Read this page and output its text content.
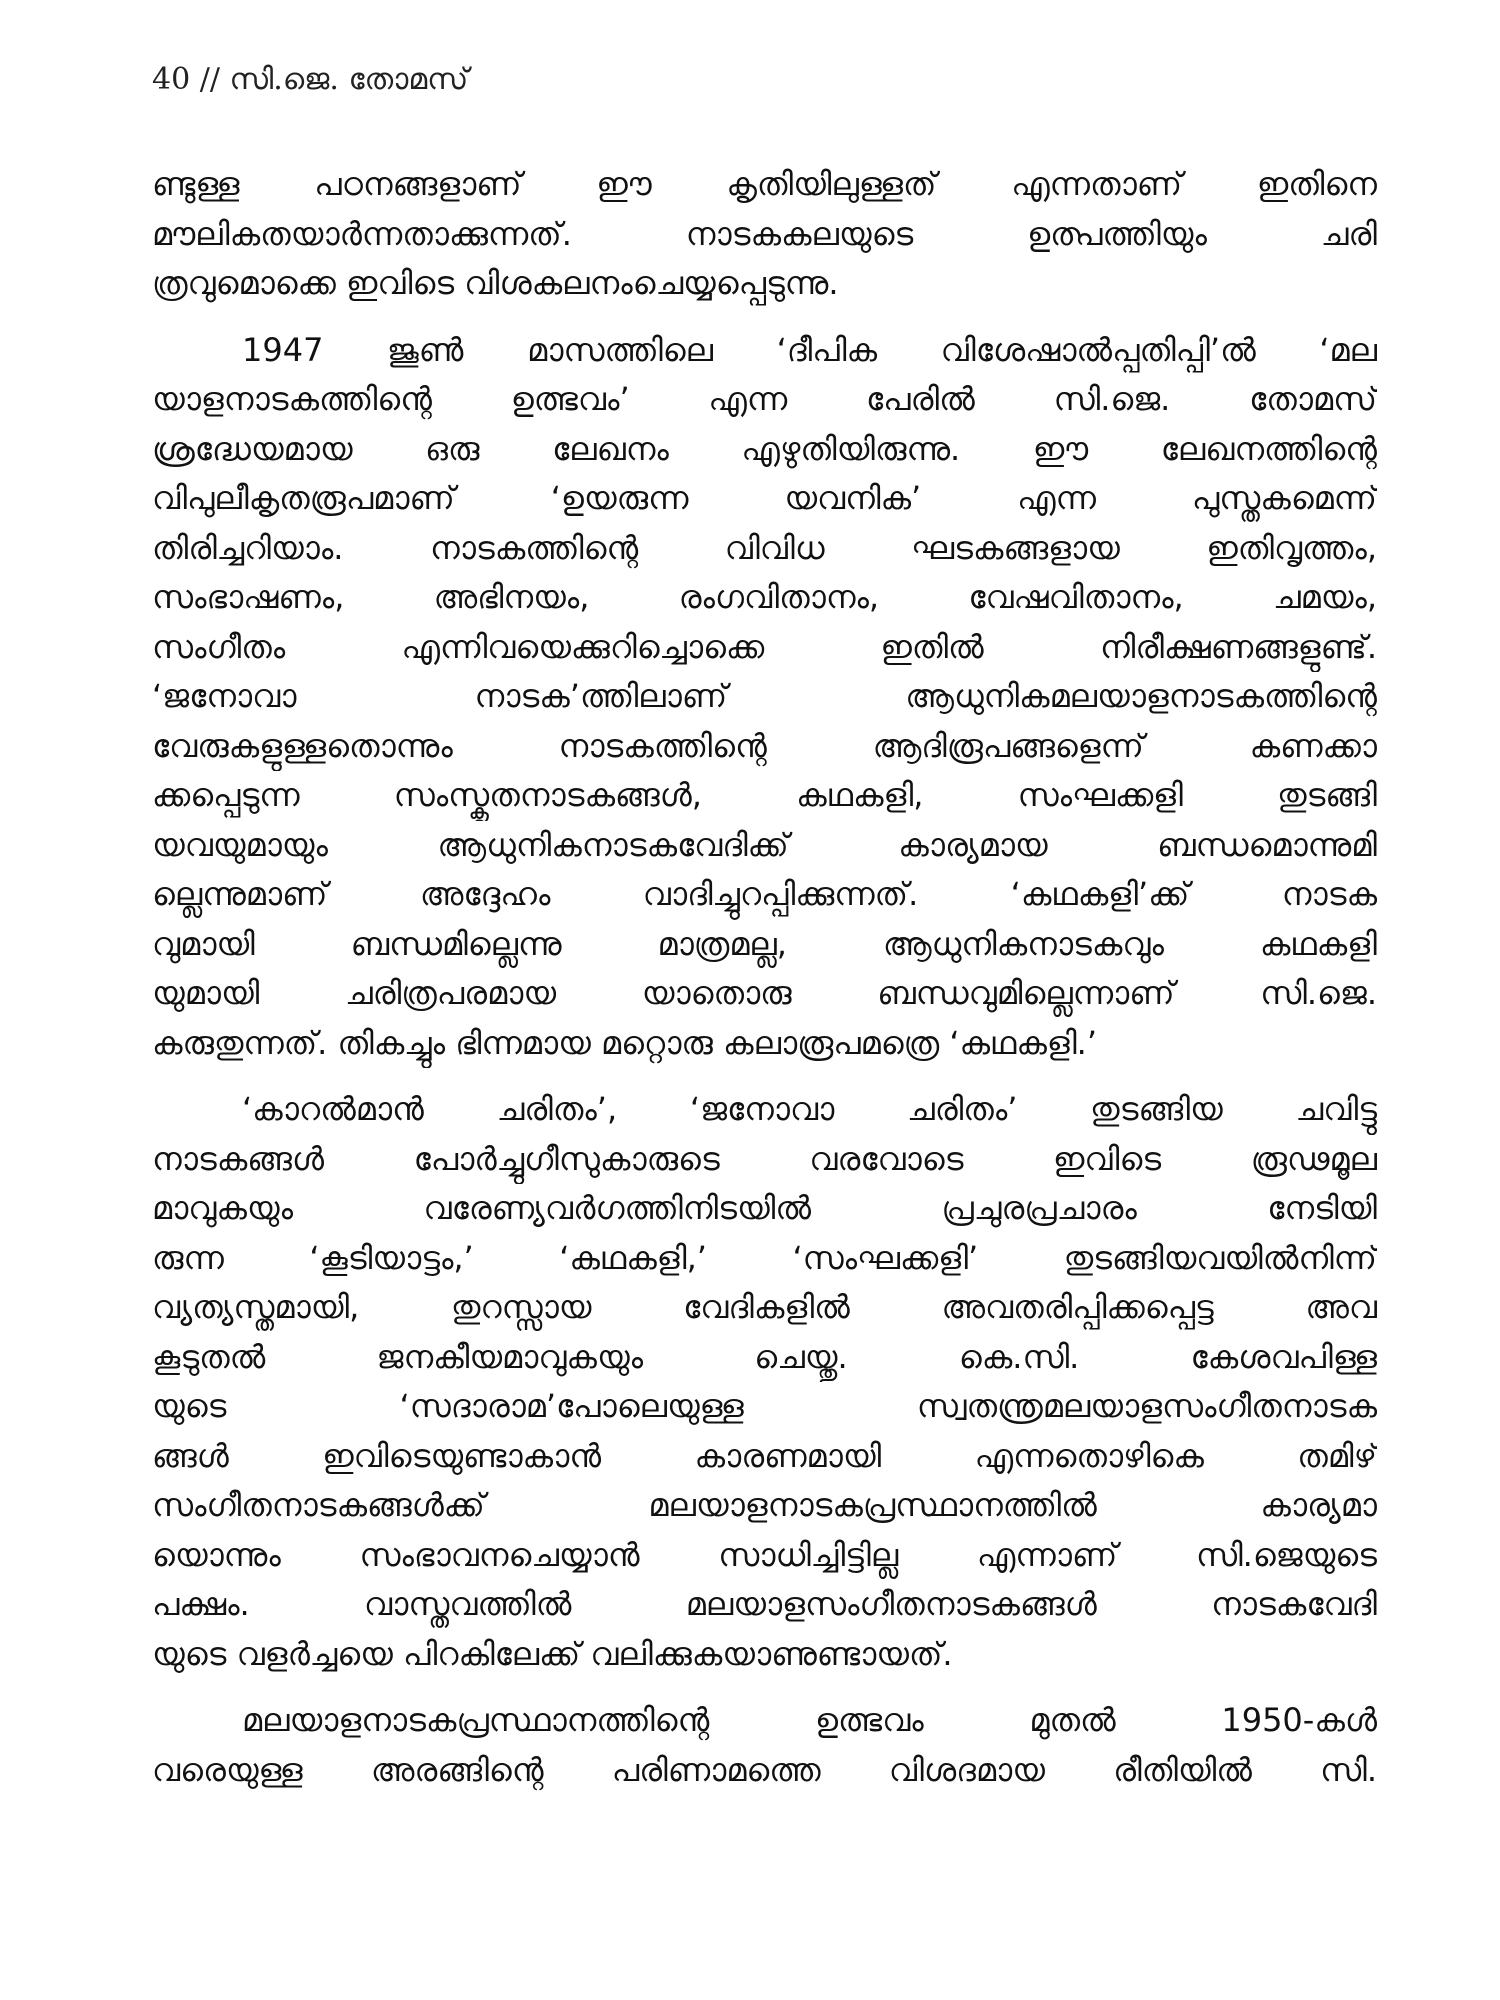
40 // സി.ജെ. തോമസ്
ണ്ടുള്ള പഠനങ്ങളാണ് ഈ കൃതിയിലുള്ളത് എന്നതാണ് ഇതിനെ
മൗലികതയാർന്നതാക്കുന്നത്. നാടകകലയുടെ ഉത്പത്തിയും ചരി
ത്രവുമൊക്കെ ഇവിടെ വിശകലനംചെയ്യപ്പെടുന്നു.
1947 ജൂൺ മാസത്തിലെ ‘ദീപിക വിശേഷാൽപ്പതിപ്പി’ൽ ‘മല
യാളനാടകത്തിന്റെ ഉത്ഭവം’ എന്ന പേരിൽ സി.ജെ. തോമസ്
ശ്രദ്ധേയമായ ഒരു ലേഖനം എഴുതിയിരുന്നു. ഈ ലേഖനത്തിന്റെ
വിപുലീകൃതരൂപമാണ് ‘ഉയരുന്ന യവനിക’ എന്ന പുസ്തകമെന്ന്
തിരിച്ചറിയാം. നാടകത്തിന്റെ വിവിധ ഘടകങ്ങളായ ഇതിവൃത്തം,
സംഭാഷണം, അഭിനയം, രംഗവിതാനം, വേഷവിതാനം, ചമയം,
സംഗീതം എന്നിവയെക്കുറിച്ചൊക്കെ ഇതിൽ നിരീക്ഷണങ്ങളുണ്ട്.
‘ജനോവാ നാടക’ത്തിലാണ് ആധുനികമലയാളനാടകത്തിന്റെ
വേരുകളുള്ളതൊന്നും നാടകത്തിന്റെ ആദിരൂപങ്ങളെന്ന് കണക്കാ
ക്കപ്പെടുന്ന സംസ്കൃതനാടകങ്ങൾ, കഥകളി, സംഘക്കളി തുടങ്ങി
യവയുമായും ആധുനികനാടകവേദിക്ക് കാര്യമായ ബന്ധമൊന്നുമി
ല്ലെന്നുമാണ് അദ്ദേഹം വാദിച്ചുറപ്പിക്കുന്നത്. ‘കഥകളി’ക്ക് നാടക
വുമായി ബന്ധമില്ലെന്നു മാത്രമല്ല, ആധുനികനാടകവും കഥകളി
യുമായി ചരിത്രപരമായ യാതൊരു ബന്ധവുമില്ലെന്നാണ് സി.ജെ.
കരുതുന്നത്. തികച്ചും ഭിന്നമായ മറ്റൊരു കലാരൂപമത്രെ ‘കഥകളി.’
‘കാറൽമാൻ ചരിതം’, ‘ജനോവാ ചരിതം’ തുടങ്ങിയ ചവിട്ടു
നാടകങ്ങൾ പോർച്ചുഗീസുകാരുടെ വരവോടെ ഇവിടെ രൂഢമൂല
മാവുകയും വരേണ്യവർഗത്തിനിടയിൽ പ്രചുരപ്രചാരം നേടിയി
രുന്ന ‘കൂടിയാട്ടം,’ ‘കഥകളി,’ ‘സംഘക്കളി’ തുടങ്ങിയവയിൽനിന്ന്
വ്യത്യസ്തമായി, തുറസ്സായ വേദികളിൽ അവതരിപ്പിക്കപ്പെട്ട അവ
കൂടുതൽ ജനകീയമാവുകയും ചെയ്തു. കെ.സി. കേശവപിള്ള
യുടെ ‘സദാരാമ’പോലെയുള്ള സ്വതന്ത്രമലയാളസംഗീതനാടക
ങ്ങൾ ഇവിടെയുണ്ടാകാൻ കാരണമായി എന്നതൊഴികെ തമിഴ്
സംഗീതനാടകങ്ങൾക്ക് മലയാളനാടകപ്രസ്ഥാനത്തിൽ കാര്യമാ
യൊന്നും സംഭാവനചെയ്യാൻ സാധിച്ചിട്ടില്ല എന്നാണ് സി.ജെയുടെ
പക്ഷം. വാസ്തവത്തിൽ മലയാളസംഗീതനാടകങ്ങൾ നാടകവേദി
യുടെ വളർച്ചയെ പിറകിലേക്ക് വലിക്കുകയാണുണ്ടായത്.
മലയാളനാടകപ്രസ്ഥാനത്തിന്റെ ഉത്ഭവം മുതൽ 1950-കൾ
വരെയുള്ള അരങ്ങിന്റെ പരിണാമത്തെ വിശദമായ രീതിയിൽ സി.
